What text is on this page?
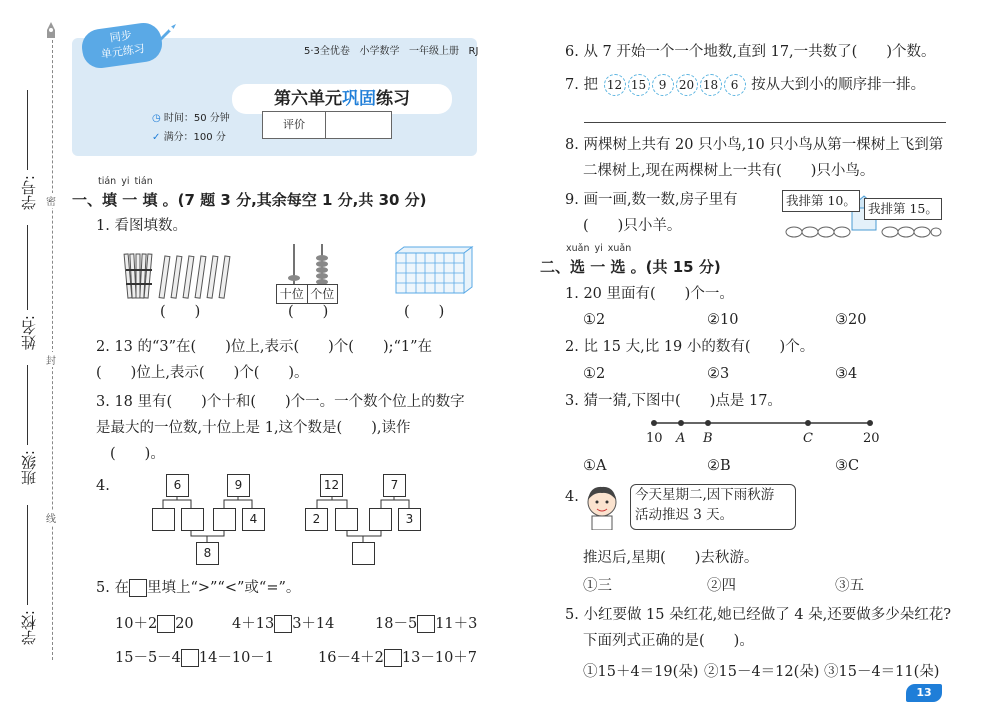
密
封
线
学号:
姓名:
班级:
学校:
同步
单元练习	5·3全优卷   小学数学   一年级上册   RJ
第六单元巩固练习
◷ 时间：50 分钟
✓ 满分：100 分
评价
tián yi tián
一、填 一 填 。(7 题 3 分,其余每空 1 分,共 30 分)
1. 看图填数。
(　　)
十位 个位
(　　)	(　　)
2. 13 的“3”在(　　)位上,表示(　　)个(　　);“1”在
(　　)位上,表示(　　)个(　　)。
3. 18 里有(　　)个十和(　　)个一。一个数个位上的数字
是最大的一位数,十位上是 1,这个数是(　　),读作
(　　)。
4.	6	9
4
8
12
2
7
3
5. 在 里填上“>”“<”或“=”。
10＋2 20	4＋13 3＋14	18－5 11＋3
15－5－4 14－10－1	16－4＋2 13－10＋7
6. 从 7 开始一个一个地数,直到 17,一共数了(　　)个数。
7. 把 12 15 9 20 18 6 按从大到小的顺序排一排。
8. 两棵树上共有 20 只小鸟,10 只小鸟从第一棵树上飞到第
二棵树上,现在两棵树上一共有(　　)只小鸟。
9. 画一画,数一数,房子里有
(　　)只小羊。
我排第 10。
我排第 15。
xuǎn yi xuǎn
二、选 一 选 。(共 15 分)
1. 20 里面有(　　)个一。
①2	②10	③20
2. 比 15 大,比 19 小的数有(　　)个。
①2	②3	③4
3. 猜一猜,下图中(　　)点是 17。
10 A B	C	20
①A	②B	③C
4.	今天星期二,因下雨秋游
活动推迟 3 天。
推迟后,星期(　　)去秋游。
①三	②四	③五
5. 小红要做 15 朵红花,她已经做了 4 朵,还要做多少朵红花?
下面列式正确的是(　　)。
①15＋4＝19(朵) ②15－4＝12(朵) ③15－4＝11(朵)
13
